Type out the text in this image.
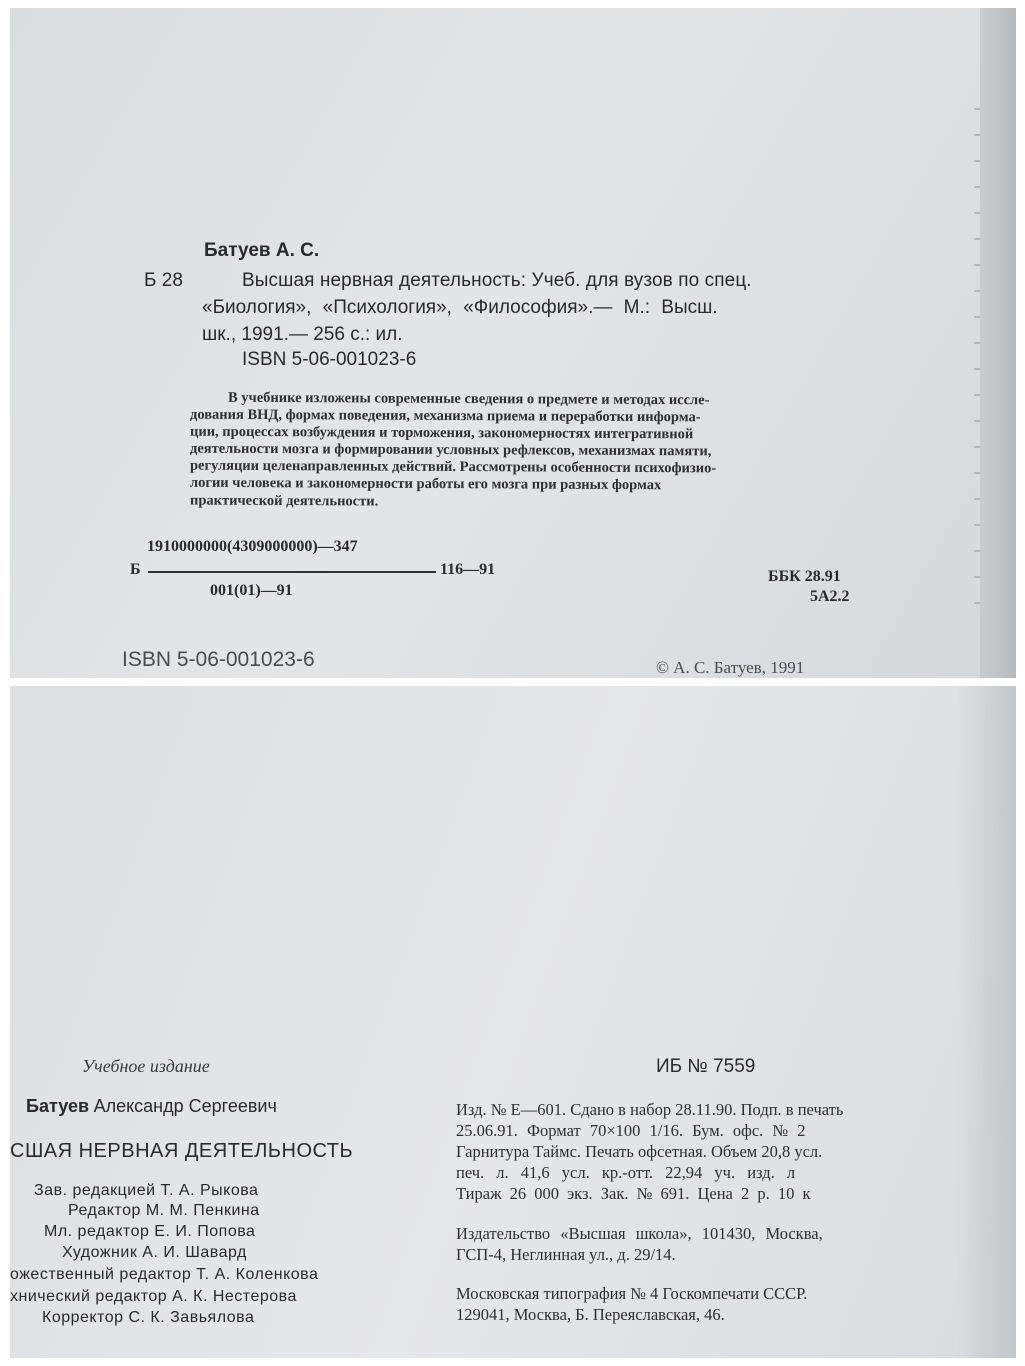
Батуев А. С.
Б 28	Высшая нервная деятельность: Учеб. для вузов по спец.
«Биология», «Психология», «Философия».— М.: Высш.
шк., 1991.— 256 с.: ил.
ISBN 5-06-001023-6
В учебнике изложены современные сведения о предмете и методах иссле-
дования ВНД, формах поведения, механизма приема и переработки информа-
ции, процессах возбуждения и торможения, закономерностях интегративной
деятельности мозга и формировании условных рефлексов, механизмах памяти,
регуляции целенаправленных действий. Рассмотрены особенности психофизио-
логии человека и закономерности работы его мозга при разных формах
практической деятельности.
1910000000(4309000000)—347
Б	116—91
001(01)—91
ББК 28.91
5А2.2
ISBN 5-06-001023-6	© А. С. Батуев, 1991
Учебное издание
Батуев Александр Сергеевич
СШАЯ НЕРВНАЯ ДЕЯТЕЛЬНОСТЬ
Зав. редакцией Т. А. Рыкова
Редактор М. М. Пенкина
Мл. редактор Е. И. Попова
Художник А. И. Шавард
ожественный редактор Т. А. Коленкова
хнический редактор А. К. Нестерова
Корректор С. К. Завьялова
ИБ № 7559
Изд. № Е—601. Сдано в набор 28.11.90. Подп. в печать
25.06.91. Формат 70×100 1/16. Бум. офс. № 2
Гарнитура Таймс. Печать офсетная. Объем 20,8 усл.
печ. л. 41,6 усл. кр.-отт. 22,94 уч. изд. л
Тираж 26 000 экз. Зак. № 691. Цена 2 р. 10 к
Издательство «Высшая школа», 101430, Москва,
ГСП-4, Неглинная ул., д. 29/14.
Московская типография № 4 Госкомпечати СССР.
129041, Москва, Б. Переяславская, 46.
